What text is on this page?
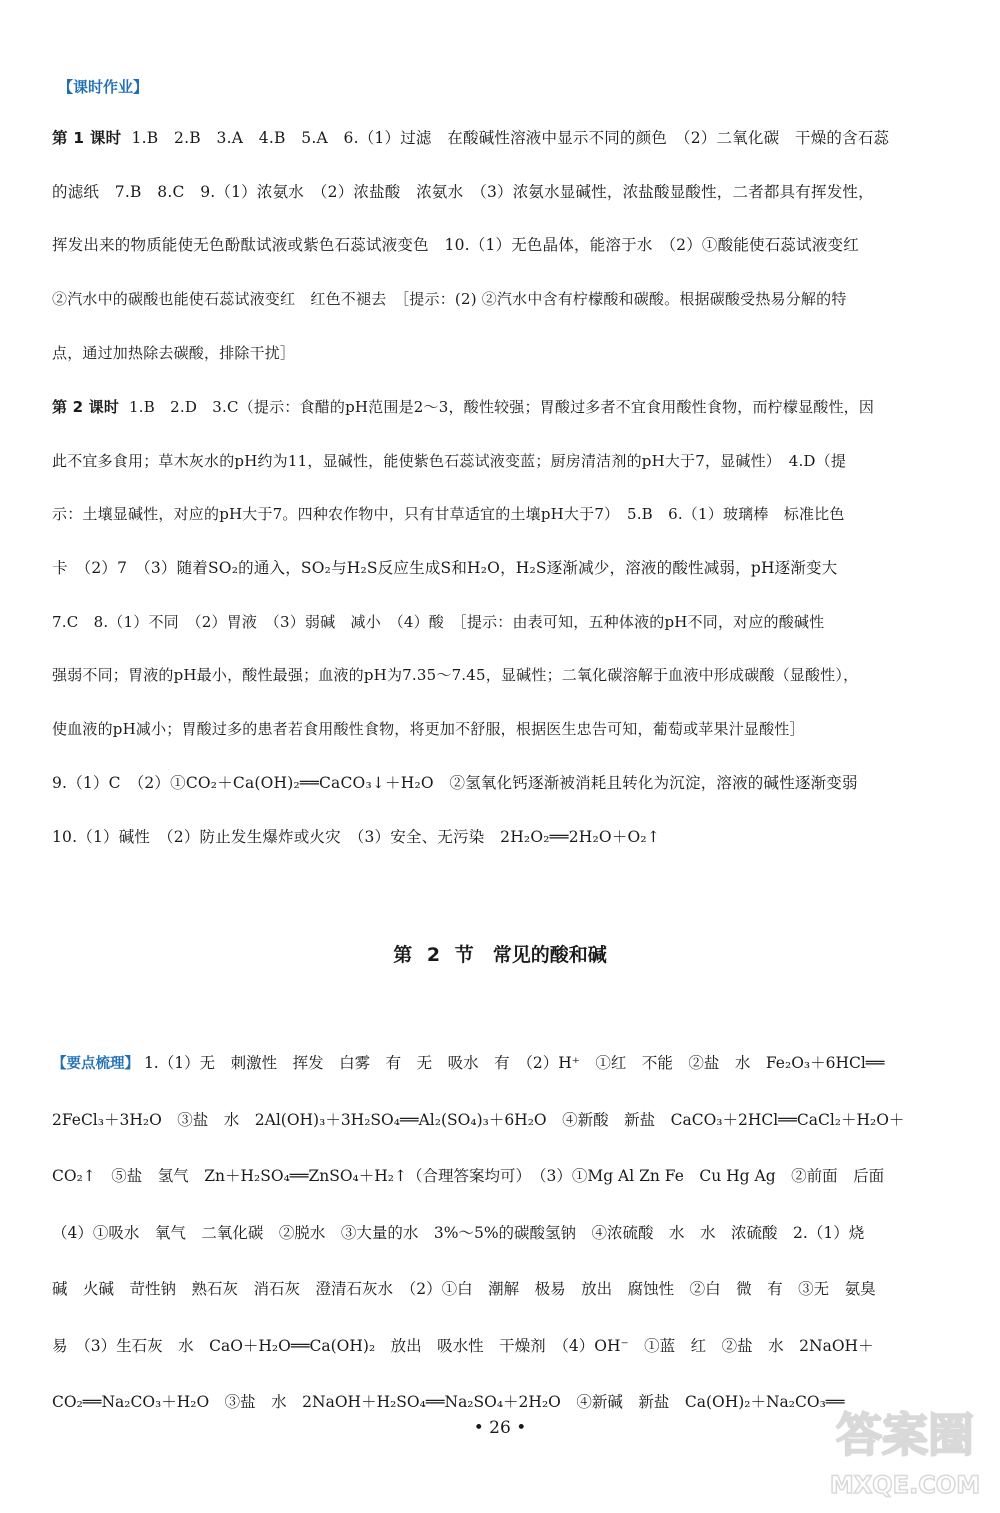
【课时作业】
第 1 课时 1.B　2.B　3.A　4.B　5.A　6.（1）过滤　在酸碱性溶液中显示不同的颜色　（2）二氧化碳　干燥的含石蕊
的滤纸　7.B　8.C　9.（1）浓氨水　（2）浓盐酸　浓氨水　（3）浓氨水显碱性，浓盐酸显酸性，二者都具有挥发性，
挥发出来的物质能使无色酚酞试液或紫色石蕊试液变色　10.（1）无色晶体，能溶于水　（2）①酸能使石蕊试液变红
②汽水中的碳酸也能使石蕊试液变红　红色不褪去　［提示：(2) ②汽水中含有柠檬酸和碳酸。根据碳酸受热易分解的特
点，通过加热除去碳酸，排除干扰］
第 2 课时 1.B　2.D　3.C（提示：食醋的pH范围是2～3，酸性较强；胃酸过多者不宜食用酸性食物，而柠檬显酸性，因
此不宜多食用；草木灰水的pH约为11，显碱性，能使紫色石蕊试液变蓝；厨房清洁剂的pH大于7，显碱性）　4.D（提
示：土壤显碱性，对应的pH大于7。四种农作物中，只有甘草适宜的土壤pH大于7）　5.B　6.（1）玻璃棒　标准比色
卡　（2）7　（3）随着SO₂的通入，SO₂与H₂S反应生成S和H₂O，H₂S逐渐减少，溶液的酸性减弱，pH逐渐变大
7.C　8.（1）不同　（2）胃液　（3）弱碱　减小　（4）酸　［提示：由表可知，五种体液的pH不同，对应的酸碱性
强弱不同；胃液的pH最小，酸性最强；血液的pH为7.35～7.45，显碱性；二氧化碳溶解于血液中形成碳酸（显酸性），
使血液的pH减小；胃酸过多的患者若食用酸性食物，将更加不舒服，根据医生忠告可知，葡萄或苹果汁显酸性］
9.（1）C　（2）①CO₂＋Ca(OH)₂══CaCO₃↓＋H₂O　②氢氧化钙逐渐被消耗且转化为沉淀，溶液的碱性逐渐变弱
10.（1）碱性　（2）防止发生爆炸或火灾　（3）安全、无污染　2H₂O₂══2H₂O＋O₂↑
第 2 节　常见的酸和碱
【要点梳理】 1.（1）无　刺激性　挥发　白雾　有　无　吸水　有　（2）H⁺　①红　不能　②盐　水　Fe₂O₃＋6HCl══
2FeCl₃＋3H₂O　③盐　水　2Al(OH)₃＋3H₂SO₄══Al₂(SO₄)₃＋6H₂O　④新酸　新盐　CaCO₃＋2HCl══CaCl₂＋H₂O＋
CO₂↑　⑤盐　氢气　Zn＋H₂SO₄══ZnSO₄＋H₂↑（合理答案均可）　（3）①Mg Al Zn Fe　Cu Hg Ag　②前面　后面
（4）①吸水　氧气　二氧化碳　②脱水　③大量的水　3%～5%的碳酸氢钠　④浓硫酸　水　水　浓硫酸　2.（1）烧
碱　火碱　苛性钠　熟石灰　消石灰　澄清石灰水　（2）①白　潮解　极易　放出　腐蚀性　②白　微　有　③无　氨臭
易　（3）生石灰　水　CaO＋H₂O══Ca(OH)₂　放出　吸水性　干燥剂　（4）OH⁻　①蓝　红　②盐　水　2NaOH＋
CO₂══Na₂CO₃＋H₂O　③盐　水　2NaOH＋H₂SO₄══Na₂SO₄＋2H₂O　④新碱　新盐　Ca(OH)₂＋Na₂CO₃══
• 26 •	答案圈
MXQE.COM
